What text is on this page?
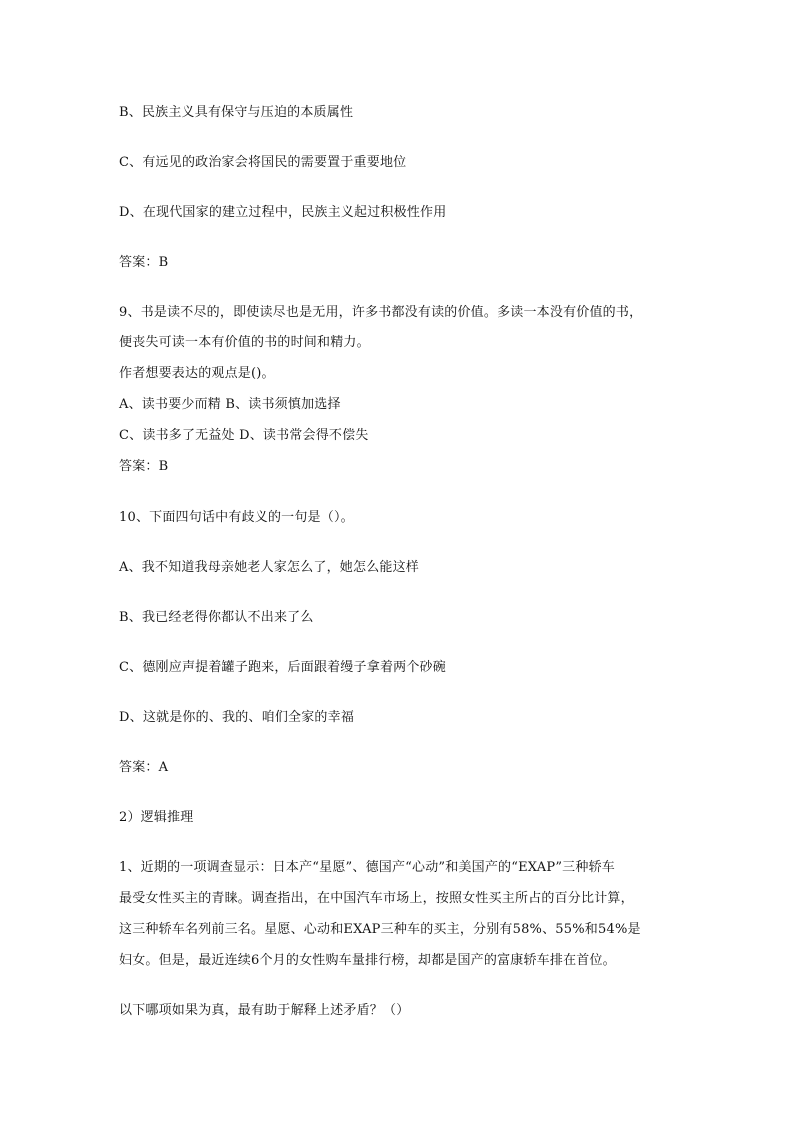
B、民族主义具有保守与压迫的本质属性
C、有远见的政治家会将国民的需要置于重要地位
D、在现代国家的建立过程中，民族主义起过积极性作用
答案：B
9、书是读不尽的，即使读尽也是无用，许多书都没有读的价值。多读一本没有价值的书，
便丧失可读一本有价值的书的时间和精力。
作者想要表达的观点是()。
A、读书要少而精 B、读书须慎加选择
C、读书多了无益处 D、读书常会得不偿失
答案：B
10、下面四句话中有歧义的一句是（）。
A、我不知道我母亲她老人家怎么了，她怎么能这样
B、我已经老得你都认不出来了么
C、德刚应声提着罐子跑来，后面跟着缦子拿着两个砂碗
D、这就是你的、我的、咱们全家的幸福
答案：A
2）逻辑推理
1、近期的一项调查显示：日本产“星愿”、德国产“心动”和美国产的“EXAP”三种轿车
最受女性买主的青睐。调查指出，在中国汽车市场上，按照女性买主所占的百分比计算，
这三种轿车名列前三名。星愿、心动和EXAP三种车的买主，分别有58%、55%和54%是
妇女。但是，最近连续6个月的女性购车量排行榜，却都是国产的富康轿车排在首位。
以下哪项如果为真，最有助于解释上述矛盾？（）
